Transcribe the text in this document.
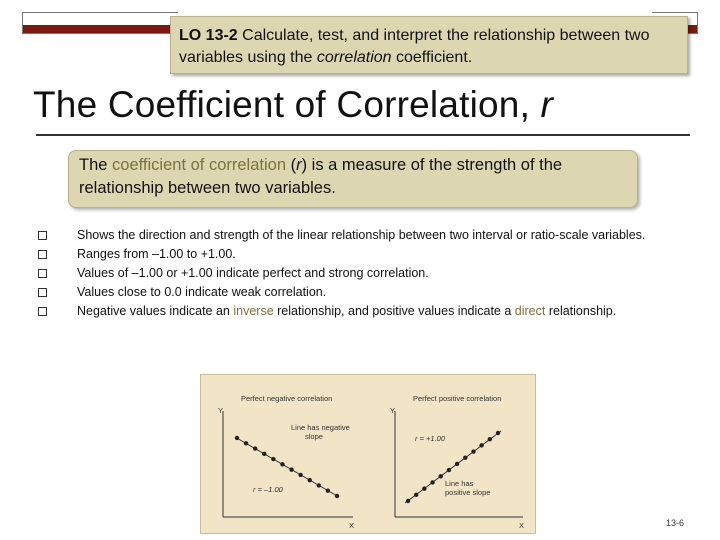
LO 13-2 Calculate, test, and interpret the relationship between two variables using the correlation coefficient.
The Coefficient of Correlation, r
The coefficient of correlation (r) is a measure of the strength of the relationship between two variables.
Shows the direction and strength of the linear relationship between two interval or ratio-scale variables.
Ranges from –1.00 to +1.00.
Values of –1.00 or +1.00 indicate perfect and strong correlation.
Values close to 0.0 indicate weak correlation.
Negative values indicate an inverse relationship, and positive values indicate a direct relationship.
Perfect negative correlation
Y
X
Line has negative
slope
r = –1.00
Perfect positive correlation
Y
X
r = +1.00
Line has
positive slope
13-6
